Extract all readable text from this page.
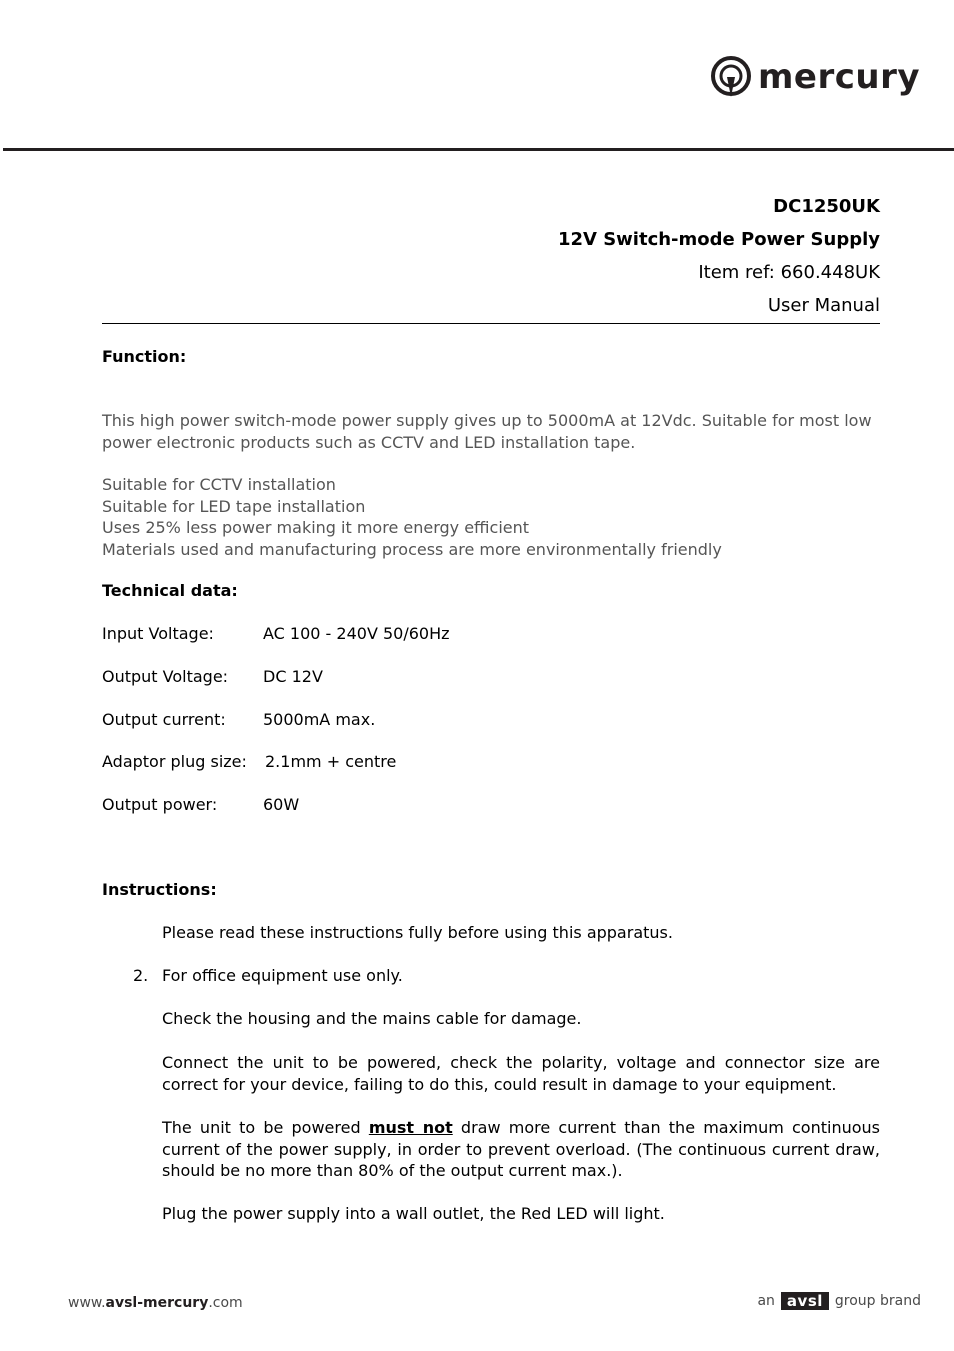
mercury
DC1250UK
12V Switch-mode Power Supply
Item ref: 660.448UK
User Manual
Function:
This high power switch-mode power supply gives up to 5000mA at 12Vdc. Suitable for most low power electronic products such as CCTV and LED installation tape.
Suitable for CCTV installation
Suitable for LED tape installation
Uses 25% less power making it more energy efficient
Materials used and manufacturing process are more environmentally friendly
Technical data:
Input Voltage:	AC 100 - 240V 50/60Hz
Output Voltage: DC 12V
Output current: 5000mA max.
Adaptor plug size: 2.1mm + centre
Output power:	60W
Instructions:
Please read these instructions fully before using this apparatus.
2. For office equipment use only.
Check the housing and the mains cable for damage.
Connect the unit to be powered, check the polarity, voltage and connector size are correct for your device, failing to do this, could result in damage to your equipment.
The unit to be powered must not draw more current than the maximum continuous current of the power supply, in order to prevent overload. (The continuous current draw, should be no more than 80% of the output current max.).
Plug the power supply into a wall outlet, the Red LED will light.
www.avsl-mercury.com	an avsl group brand
